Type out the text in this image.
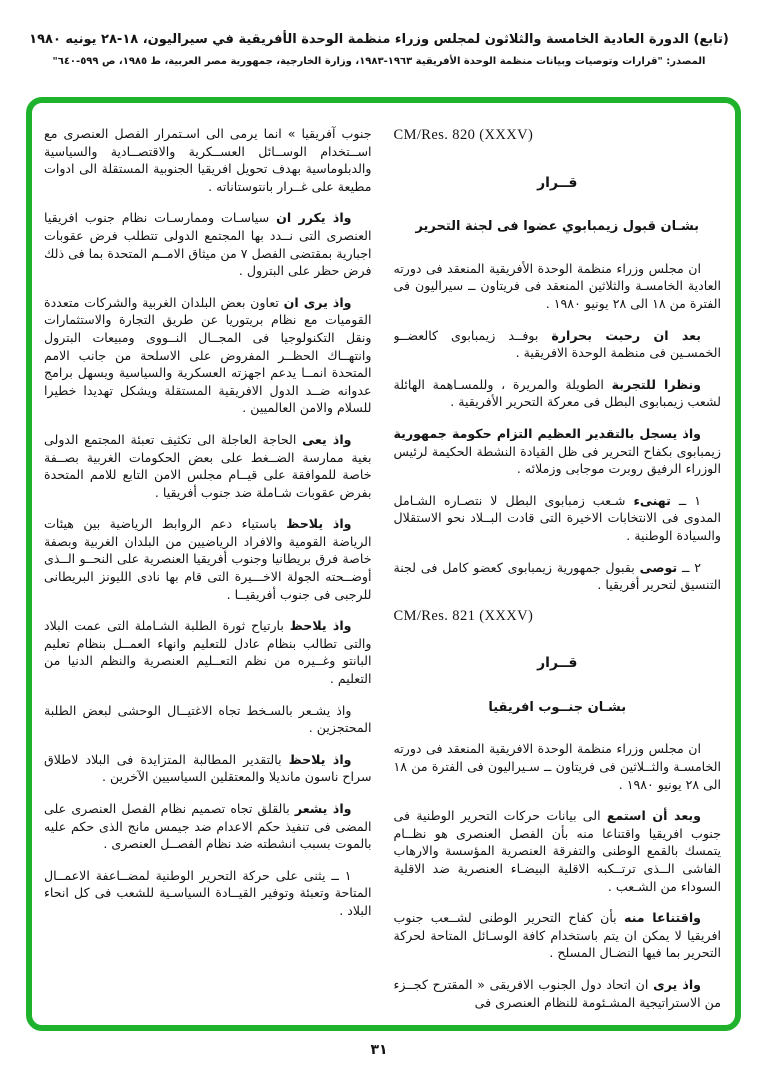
(تابع) الدورة العادية الخامسة والثلاثون لمجلس وزراء منظمة الوحدة الأفريقية في سيراليون، ١٨-٢٨ يونيه ١٩٨٠
المصدر: "قرارات وتوصيات وبيانات منظمة الوحدة الأفريقية ١٩٦٣-١٩٨٣، وزارة الخارجية، جمهورية مصر العربية، ط ١٩٨٥، ص ٥٩٩-٦٤٠"
CM/Res. 820 (XXXV)
قــرار
بشـان قبول زيمبابوي عضوا فى لجنة التحرير

ان مجلس وزراء منظمة الوحدة الأفريقية المنعقد فى دورته العادية الخامسـة والثلاثين المنعقد فى فريتاون ــ سيراليون فى الفترة من ١٨ الى ٢٨ يونيو ١٩٨٠ .

بعد ان رحبت بحرارة بوفــد زيمبابوى كالعضــو الخمسـين فى منظمة الوحدة الافريقية .

ونظرا للتجربة الطويلة والمريرة ، وللمسـاهمة الهائلة لشعب زيمبابوى البطل فى معركة التحرير الأفريقية .

واذ يسجل بالتقدير العظيم التزام حكومة جمهورية زيمبابوى بكفاح التحرير فى ظل القيادة النشطة الحكيمة لرئيس الوزراء الرفيق روبرت موجابى وزملائه .

١ ــ تهنىء شـعب زمبابوى البطل لا نتصـاره الشـامل المدوى فى الانتخابات الاخيرة التى قادت البــلاد نحو الاستقلال والسيادة الوطنية .

٢ ــ توصى بقبول جمهورية زيمبابوى كعضو كامل فى لجنة التنسيق لتحرير أفريقيا .

CM/Res. 821 (XXXV)
قــرار
بشـان جنــوب افريقيا

ان مجلس وزراء منظمة الوحدة الافريقية المنعقد فى دورته الخامسـة والثــلاثين فى فريتاون ــ سـيراليون فى الفترة من ١٨ الى ٢٨ يونيو ١٩٨٠ .

وبعد أن استمع الى بيانات حركات التحرير الوطنية فى جنوب افريقيا واقتناعا منه بأن الفصل العنصرى هو نظــام يتمسك بالقمع الوطنى والتفرقة العنصرية المؤسسة والارهاب الفاشى الــذى ترتــكبه الاقلية البيضـاء العنصرية ضد الاقلية السوداء من الشـعب .

واقتناعا منه بأن كفاح التحرير الوطنى لشــعب جنوب افريقيا لا يمكن ان يتم باستخدام كافة الوسـائل المتاحة لحركة التحرير بما فيها النضـال المسلح .

واذ يرى ان اتحاد دول الجنوب الافريقى « المقترح كجــزء من الاستراتيجية المشـئومة للنظام العنصرى فى

جنوب آفريقيا » انما يرمى الى اسـتمرار الفصل العنصرى مع اســتخدام الوســائل العســكرية والاقتصــادية والسياسية والدبلوماسية بهدف تحويل افريقيا الجنوبية المستقلة الى ادوات مطيعة على غــرار بانتوستاناته .

واذ يكرر ان سياسـات وممارسـات نظام جنوب افريقيا العنصرى التى نــدد بها المجتمع الدولى تتطلب فرض عقوبات اجبارية بمقتضى الفصل ٧ من ميثاق الامــم المتحدة بما فى ذلك فرض حظر على البترول .

واذ يرى ان تعاون بعض البلدان الغربية والشركات متعددة القوميات مع نظام بريتوريا عن طريق التجارة والاستثمارات ونقل التكنولوجيا فى المجــال النــووى ومبيعات البترول وانتهــاك الحظــر المفروض على الاسلحة من جانب الامم المتحدة انمــا يدعم اجهزته العسكرية والسياسية ويسهل برامج عدوانه ضــد الدول الافريقية المستقلة ويشكل تهديدا خطيرا للسلام والامن العالميين .

واذ يعى الحاجة العاجلة الى تكثيف تعبئة المجتمع الدولى بغية ممارسة الضــغط على بعض الحكومات الغربية بصــفة خاصة للموافقة على قيــام مجلس الامن التابع للامم المتحدة بفرض عقوبات شـاملة ضد جنوب أفريقيا .

واذ يلاحظ باستياء دعم الروابط الرياضية بين هيئات الرياضة القومية والافراد الرياضيين من البلدان الغربية وبصفة خاصة فرق بريطانيا وجنوب أفريقيا العنصرية على النحــو الــذى أوضــحته الجولة الاخـــيرة التى قام بها نادى الليونز البريطانى للرجبى فى جنوب أفريقيــا .

واذ يلاحظ بارتياح ثورة الطلبة الشـاملة التى عمت البلاد والتى تطالب بنظام عادل للتعليم وانهاء العمــل بنظام تعليم البانتو وغــيره من نظم التعــليم العنصرية والنظم الدنيا من التعليم .

واذ يشـعر بالسـخط تجاه الاغتيــال الوحشى لبعض الطلبة المحتجزين .

واذ يلاحظ بالتقدير المطالبة المتزايدة فى البلاد لاطلاق سراح ناسون مانديلا والمعتقلين السياسيين الآخرين .

واذ يشعر بالقلق تجاه تصميم نظام الفصل العنصرى على المضى فى تنفيذ حكم الاعدام ضد جيمس مانج الذى حكم عليه بالموت بسبب انشطته ضد نظام الفصــل العنصرى .

١ ــ يثنى على حركة التحرير الوطنية لمضــاعفة الاعمــال المتاحة وتعبئة وتوفير القيــادة السياسـية للشعب فى كل انحاء البلاد .

٣١
